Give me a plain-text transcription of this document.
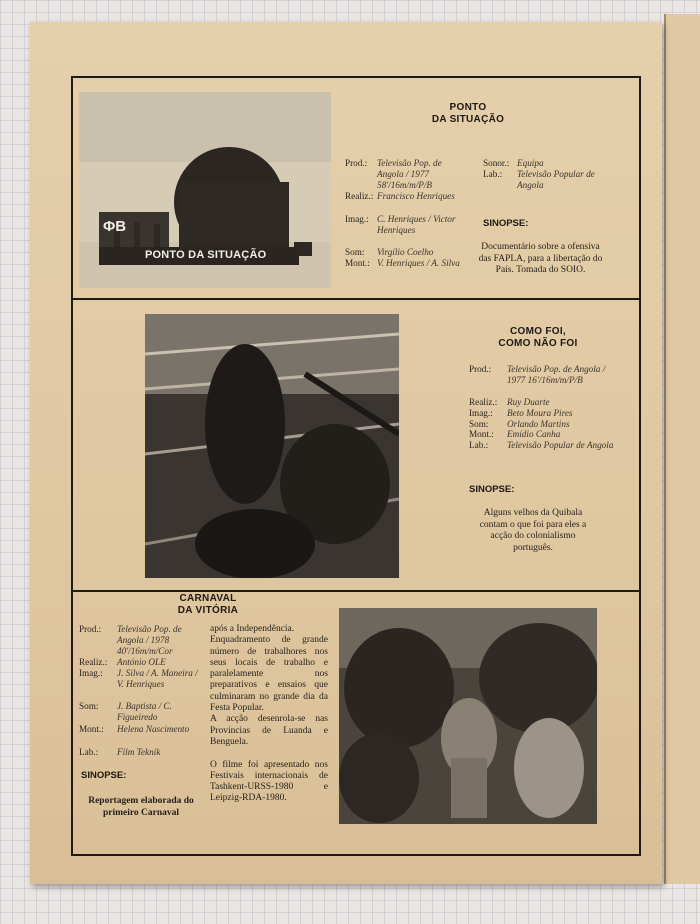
ΦB
PONTO DA SITUAÇÃO
PONTO
DA SITUAÇÃO
Prod.:	Televisão Pop. de Angola / 1977 58'/16m/m/P/B
Realiz.: Francisco Henriques
Imag.: C. Henriques / Victor Henriques
Som:	Virgílio Coelho
Mont.: V. Henriques / A. Silva
Sonor.: Equipa
Lab.:	Televisão Popular de Angola
SINOPSE:
Documentário sobre a ofensiva das FAPLA, para a libertação do País. Tomada do SOIO.
COMO FOI,
COMO NÃO FOI
Prod.:	Televisão Pop. de Angola / 1977 16'/16m/m/P/B
Realiz.:	Ruy Duarte
Imag.:	Beto Moura Pires
Som:	Orlando Martins
Mont.:	Emídio Canha
Lab.:	Televisão Popular de Angola
SINOPSE:
Alguns velhos da Quibala contam o que foi para eles a acção do colonialismo português.
CARNAVAL
DA VITÓRIA
Prod.:	Televisão Pop. de Angola / 1978 40'/16m/m/Cor
Realiz.:	António OLE
Imag.:	J. Silva / A. Maneira / V. Henriques
Som:	J. Baptista / C. Figueiredo
Mont.:	Helena Nascimento
Lab.:	Film Teknik
SINOPSE:
Reportagem elaborada do primeiro Carnaval
após a Independência.
Enquadramento de grande número de trabalhores nos seus locais de trabalho e paralelamente nos preparativos e ensaios que culminaram no grande dia da Festa Popular.
A acção desenrola-se nas Províncias de Luanda e Benguela.

O filme foi apresentado nos Festivais internacionais de Tashkent-URSS-1980 e Leipzig-RDA-1980.
